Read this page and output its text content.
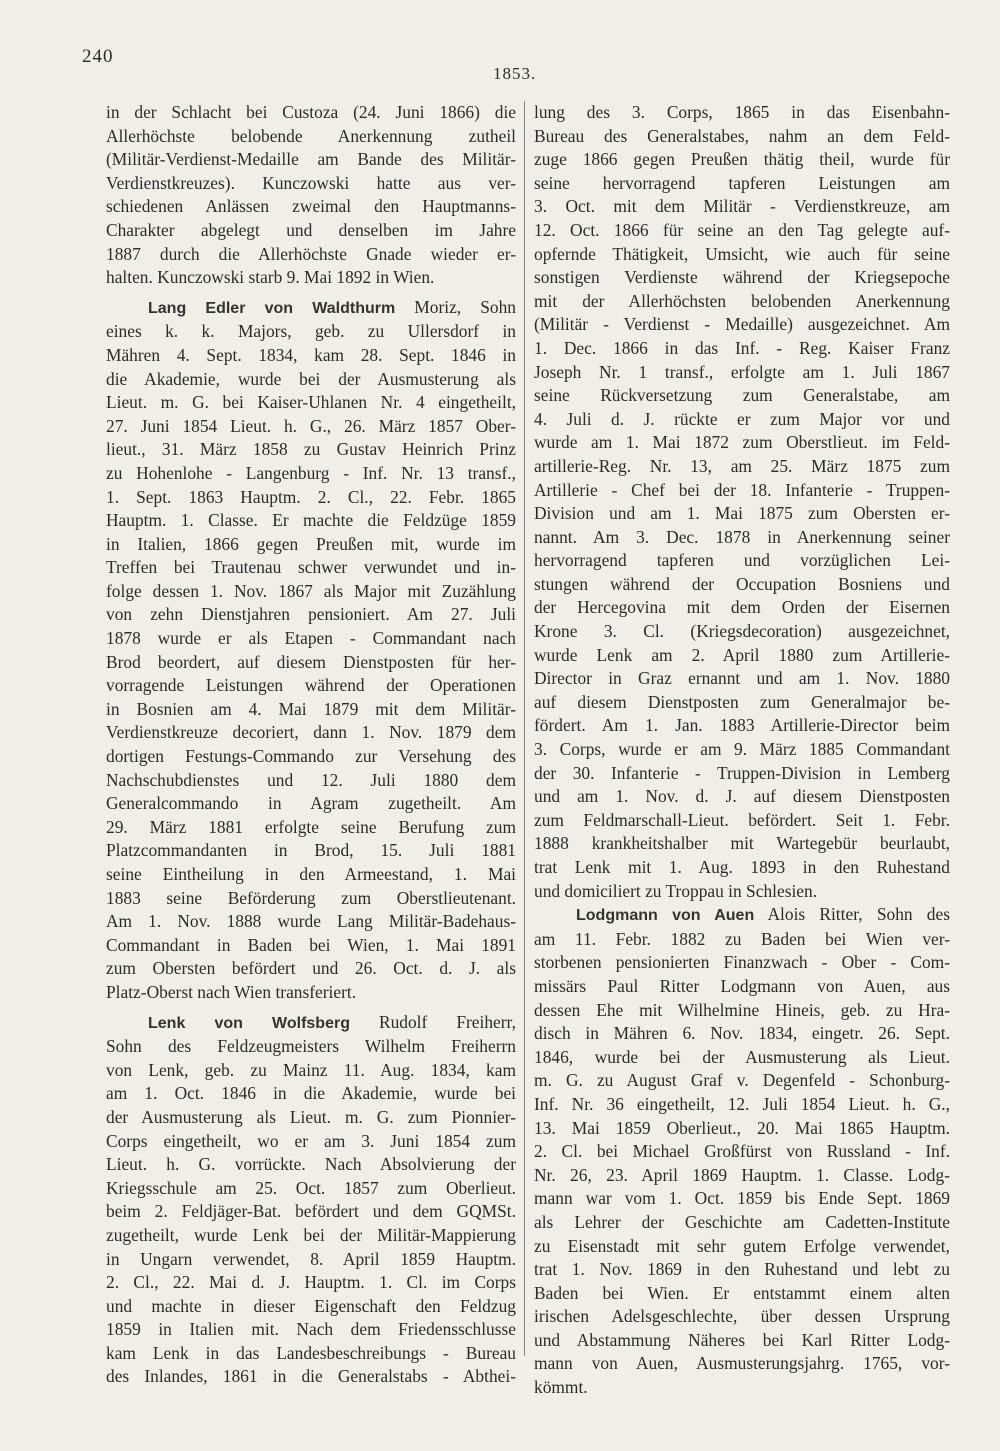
240
1853.
in der Schlacht bei Custoza (24. Juni 1866) die
Allerhöchste belobende Anerkennung zutheil
(Militär-Verdienst-Medaille am Bande des Militär-
Verdienstkreuzes). Kunczowski hatte aus ver-
schiedenen Anlässen zweimal den Hauptmanns-
Charakter abgelegt und denselben im Jahre
1887 durch die Allerhöchste Gnade wieder er-
halten. Kunczowski starb 9. Mai 1892 in Wien.
Lang Edler von Waldthurm Moriz, Sohn
eines k. k. Majors, geb. zu Ullersdorf in
Mähren 4. Sept. 1834, kam 28. Sept. 1846 in
die Akademie, wurde bei der Ausmusterung als
Lieut. m. G. bei Kaiser-Uhlanen Nr. 4 eingetheilt,
27. Juni 1854 Lieut. h. G., 26. März 1857 Ober-
lieut., 31. März 1858 zu Gustav Heinrich Prinz
zu Hohenlohe - Langenburg - Inf. Nr. 13 transf.,
1. Sept. 1863 Hauptm. 2. Cl., 22. Febr. 1865
Hauptm. 1. Classe. Er machte die Feldzüge 1859
in Italien, 1866 gegen Preußen mit, wurde im
Treffen bei Trautenau schwer verwundet und in-
folge dessen 1. Nov. 1867 als Major mit Zuzählung
von zehn Dienstjahren pensioniert. Am 27. Juli
1878 wurde er als Etapen - Commandant nach
Brod beordert, auf diesem Dienstposten für her-
vorragende Leistungen während der Operationen
in Bosnien am 4. Mai 1879 mit dem Militär-
Verdienstkreuze decoriert, dann 1. Nov. 1879 dem
dortigen Festungs-Commando zur Versehung des
Nachschubdienstes und 12. Juli 1880 dem
Generalcommando in Agram zugetheilt. Am
29. März 1881 erfolgte seine Berufung zum
Platzcommandanten in Brod, 15. Juli 1881
seine Eintheilung in den Armeestand, 1. Mai
1883 seine Beförderung zum Oberstlieutenant.
Am 1. Nov. 1888 wurde Lang Militär-Badehaus-
Commandant in Baden bei Wien, 1. Mai 1891
zum Obersten befördert und 26. Oct. d. J. als
Platz-Oberst nach Wien transferiert.
Lenk von Wolfsberg Rudolf Freiherr,
Sohn des Feldzeugmeisters Wilhelm Freiherrn
von Lenk, geb. zu Mainz 11. Aug. 1834, kam
am 1. Oct. 1846 in die Akademie, wurde bei
der Ausmusterung als Lieut. m. G. zum Pionnier-
Corps eingetheilt, wo er am 3. Juni 1854 zum
Lieut. h. G. vorrückte. Nach Absolvierung der
Kriegsschule am 25. Oct. 1857 zum Oberlieut.
beim 2. Feldjäger-Bat. befördert und dem GQMSt.
zugetheilt, wurde Lenk bei der Militär-Mappierung
in Ungarn verwendet, 8. April 1859 Hauptm.
2. Cl., 22. Mai d. J. Hauptm. 1. Cl. im Corps
und machte in dieser Eigenschaft den Feldzug
1859 in Italien mit. Nach dem Friedensschlusse
kam Lenk in das Landesbeschreibungs - Bureau
des Inlandes, 1861 in die Generalstabs - Abthei-
lung des 3. Corps, 1865 in das Eisenbahn-
Bureau des Generalstabes, nahm an dem Feld-
zuge 1866 gegen Preußen thätig theil, wurde für
seine hervorragend tapferen Leistungen am
3. Oct. mit dem Militär - Verdienstkreuze, am
12. Oct. 1866 für seine an den Tag gelegte auf-
opfernde Thätigkeit, Umsicht, wie auch für seine
sonstigen Verdienste während der Kriegsepoche
mit der Allerhöchsten belobenden Anerkennung
(Militär - Verdienst - Medaille) ausgezeichnet. Am
1. Dec. 1866 in das Inf. - Reg. Kaiser Franz
Joseph Nr. 1 transf., erfolgte am 1. Juli 1867
seine Rückversetzung zum Generalstabe, am
4. Juli d. J. rückte er zum Major vor und
wurde am 1. Mai 1872 zum Oberstlieut. im Feld-
artillerie-Reg. Nr. 13, am 25. März 1875 zum
Artillerie - Chef bei der 18. Infanterie - Truppen-
Division und am 1. Mai 1875 zum Obersten er-
nannt. Am 3. Dec. 1878 in Anerkennung seiner
hervorragend tapferen und vorzüglichen Lei-
stungen während der Occupation Bosniens und
der Hercegovina mit dem Orden der Eisernen
Krone 3. Cl. (Kriegsdecoration) ausgezeichnet,
wurde Lenk am 2. April 1880 zum Artillerie-
Director in Graz ernannt und am 1. Nov. 1880
auf diesem Dienstposten zum Generalmajor be-
fördert. Am 1. Jan. 1883 Artillerie-Director beim
3. Corps, wurde er am 9. März 1885 Commandant
der 30. Infanterie - Truppen-Division in Lemberg
und am 1. Nov. d. J. auf diesem Dienstposten
zum Feldmarschall-Lieut. befördert. Seit 1. Febr.
1888 krankheitshalber mit Wartegebür beurlaubt,
trat Lenk mit 1. Aug. 1893 in den Ruhestand
und domiciliert zu Troppau in Schlesien.
Lodgmann von Auen Alois Ritter, Sohn des
am 11. Febr. 1882 zu Baden bei Wien ver-
storbenen pensionierten Finanzwach - Ober - Com-
missärs Paul Ritter Lodgmann von Auen, aus
dessen Ehe mit Wilhelmine Hineis, geb. zu Hra-
disch in Mähren 6. Nov. 1834, eingetr. 26. Sept.
1846, wurde bei der Ausmusterung als Lieut.
m. G. zu August Graf v. Degenfeld - Schonburg-
Inf. Nr. 36 eingetheilt, 12. Juli 1854 Lieut. h. G.,
13. Mai 1859 Oberlieut., 20. Mai 1865 Hauptm.
2. Cl. bei Michael Großfürst von Russland - Inf.
Nr. 26, 23. April 1869 Hauptm. 1. Classe. Lodg-
mann war vom 1. Oct. 1859 bis Ende Sept. 1869
als Lehrer der Geschichte am Cadetten-Institute
zu Eisenstadt mit sehr gutem Erfolge verwendet,
trat 1. Nov. 1869 in den Ruhestand und lebt zu
Baden bei Wien. Er entstammt einem alten
irischen Adelsgeschlechte, über dessen Ursprung
und Abstammung Näheres bei Karl Ritter Lodg-
mann von Auen, Ausmusterungsjahrg. 1765, vor-
kömmt.
